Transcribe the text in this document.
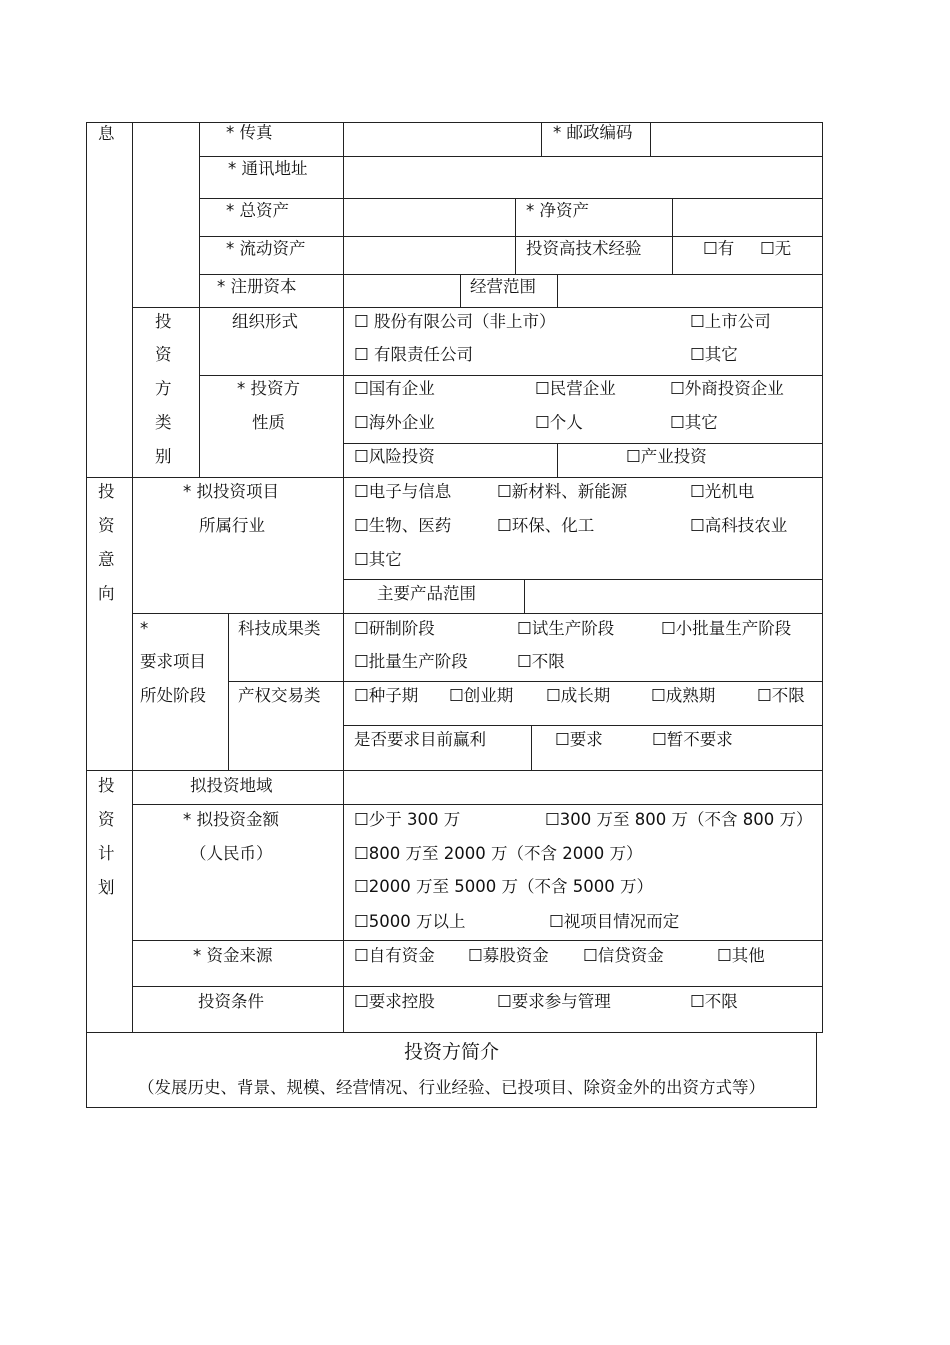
息	* 传真	* 邮政编码
* 通讯地址
* 总资产	* 净资产
* 流动资产	投资高技术经验	☐有 ☐无
* 注册资本	经营范围
投
资
方
类
别
组织形式	☐ 股份有限公司（非上市）	☐上市公司
☐ 有限责任公司	☐其它
* 投资方
性质
☐国有企业	☐民营企业	☐外商投资企业
☐海外企业	☐个人	☐其它
☐风险投资	☐产业投资
投
资
意
向
* 拟投资项目
所属行业
☐电子与信息	☐新材料、新能源	☐光机电
☐生物、医药	☐环保、化工	☐高科技农业
☐其它
主要产品范围
*
要求项目
所处阶段
科技成果类 ☐研制阶段	☐试生产阶段	☐小批量生产阶段
☐批量生产阶段	☐不限
产权交易类 ☐种子期 ☐创业期 ☐成长期 ☐成熟期	☐不限
是否要求目前赢利	☐要求	☐暂不要求
投
资
计
划
拟投资地域
* 拟投资金额
（人民币）
☐少于 300 万	☐300 万至 800 万（不含 800 万）
☐800 万至 2000 万（不含 2000 万）
☐2000 万至 5000 万（不含 5000 万）
☐5000 万以上	☐视项目情况而定
* 资金来源	☐自有资金 ☐募股资金 ☐信贷资金	☐其他
投资条件	☐要求控股	☐要求参与管理	☐不限
投资方简介
（发展历史、背景、规模、经营情况、行业经验、已投项目、除资金外的出资方式等）
